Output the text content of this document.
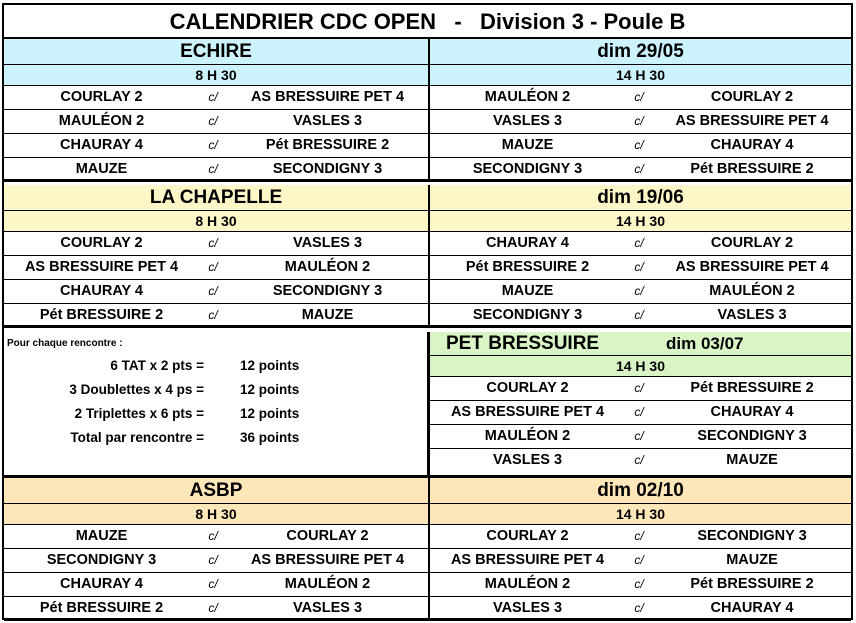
CALENDRIER CDC OPEN   -   Division 3 - Poule B
ECHIRE	dim 29/05
8 H 30	14 H 30
COURLAY 2	c/	AS BRESSUIRE PET 4	MAULÉON 2	c/	COURLAY 2
MAULÉON 2	c/	VASLES 3	VASLES 3	c/	AS BRESSUIRE PET 4
CHAURAY 4	c/	Pét BRESSUIRE 2	MAUZE	c/	CHAURAY 4
MAUZE	c/	SECONDIGNY 3	SECONDIGNY 3	c/	Pét BRESSUIRE 2
LA CHAPELLE	dim 19/06
8 H 30	14 H 30
COURLAY 2	c/	VASLES 3	CHAURAY 4	c/	COURLAY 2
AS BRESSUIRE PET 4	c/	MAULÉON 2	Pét BRESSUIRE 2	c/	AS BRESSUIRE PET 4
CHAURAY 4	c/	SECONDIGNY 3	MAUZE	c/	MAULÉON 2
Pét BRESSUIRE 2	c/	MAUZE	SECONDIGNY 3	c/	VASLES 3
Pour chaque rencontre :
6 TAT x 2 pts =	12 points
3 Doublettes x 4 ps =	12 points
2 Triplettes x 6 pts =	12 points
Total par rencontre =	36 points
PET BRESSUIRE	dim 03/07
14 H 30
COURLAY 2	c/	Pét BRESSUIRE 2
AS BRESSUIRE PET 4	c/	CHAURAY 4
MAULÉON 2	c/	SECONDIGNY 3
VASLES 3	c/	MAUZE
ASBP	dim 02/10
8 H 30	14 H 30
MAUZE	c/	COURLAY 2	COURLAY 2	c/	SECONDIGNY 3
SECONDIGNY 3	c/	AS BRESSUIRE PET 4	AS BRESSUIRE PET 4	c/	MAUZE
CHAURAY 4	c/	MAULÉON 2	MAULÉON 2	c/	Pét BRESSUIRE 2
Pét BRESSUIRE 2	c/	VASLES 3	VASLES 3	c/	CHAURAY 4
